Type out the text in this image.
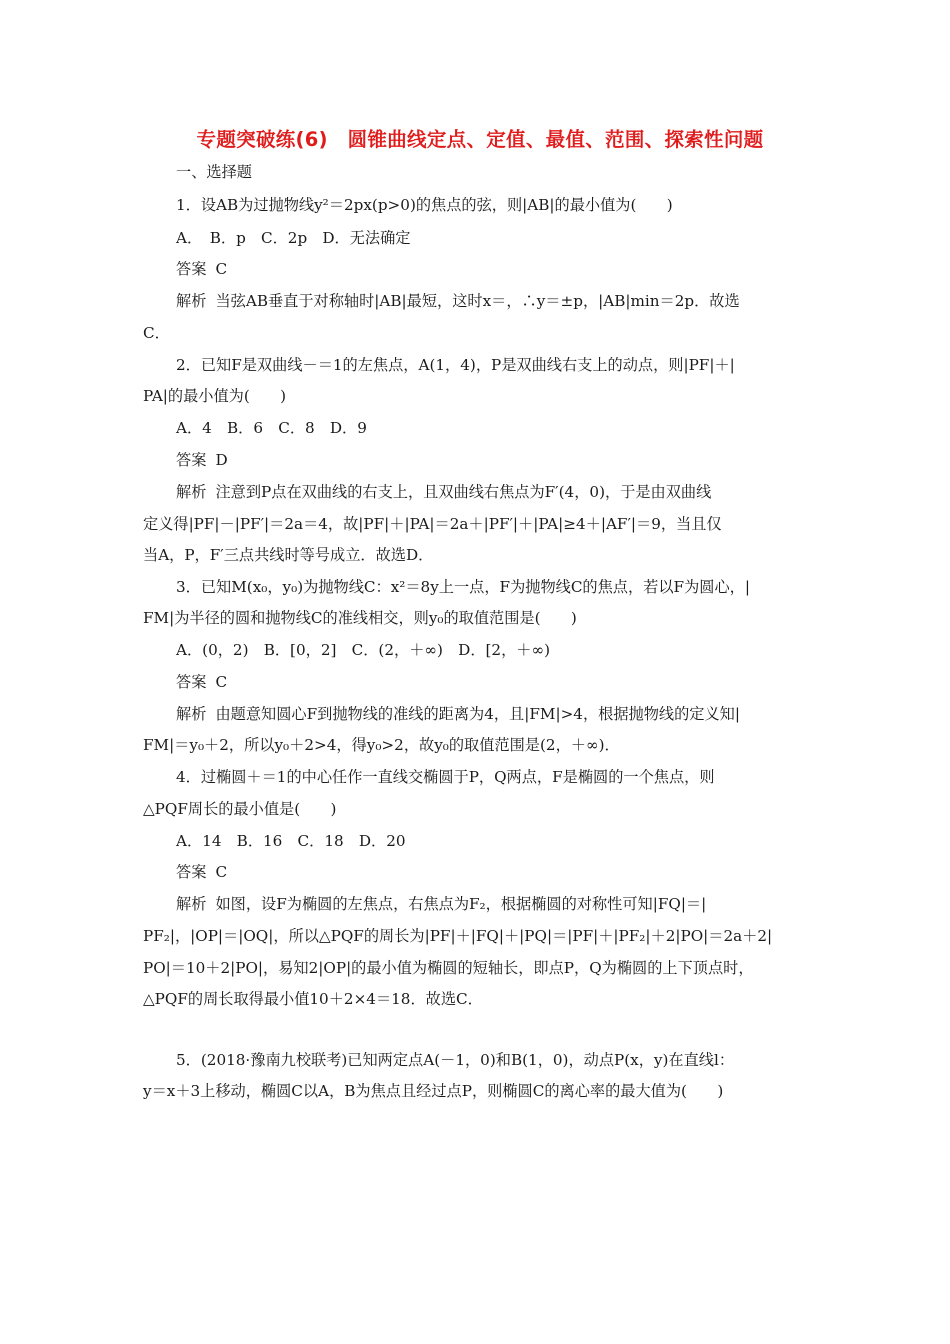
专题突破练(6)　圆锥曲线定点、定值、最值、范围、探索性问题
一、选择题
1．设AB为过抛物线y²＝2px(p>0)的焦点的弦，则|AB|的最小值为(　　)
A．　B．p　C．2p　D．无法确定
答案 C
解析 当弦AB垂直于对称轴时|AB|最短，这时x＝，∴y＝±p，|AB|min＝2p．故选
C．
2．已知F是双曲线－＝1的左焦点，A(1，4)，P是双曲线右支上的动点，则|PF|＋|
PA|的最小值为(　　)
A．4　B．6　C．8　D．9
答案 D
解析 注意到P点在双曲线的右支上，且双曲线右焦点为F′(4，0)，于是由双曲线
定义得|PF|－|PF′|＝2a＝4，故|PF|＋|PA|＝2a＋|PF′|＋|PA|≥4＋|AF′|＝9，当且仅
当A，P，F′三点共线时等号成立．故选D．
3．已知M(x₀，y₀)为抛物线C：x²＝8y上一点，F为抛物线C的焦点，若以F为圆心，|
FM|为半径的圆和抛物线C的准线相交，则y₀的取值范围是(　　)
A．(0，2)　B．[0，2]　C．(2，＋∞)　D．[2，＋∞)
答案 C
解析 由题意知圆心F到抛物线的准线的距离为4，且|FM|>4，根据抛物线的定义知|
FM|＝y₀＋2，所以y₀＋2>4，得y₀>2，故y₀的取值范围是(2，＋∞)．
4．过椭圆＋＝1的中心任作一直线交椭圆于P，Q两点，F是椭圆的一个焦点，则
△PQF周长的最小值是(　　)
A．14　B．16　C．18　D．20
答案 C
解析 如图，设F为椭圆的左焦点，右焦点为F₂，根据椭圆的对称性可知|FQ|＝|
PF₂|，|OP|＝|OQ|，所以△PQF的周长为|PF|＋|FQ|＋|PQ|＝|PF|＋|PF₂|＋2|PO|＝2a＋2|
PO|＝10＋2|PO|，易知2|OP|的最小值为椭圆的短轴长，即点P，Q为椭圆的上下顶点时，
△PQF的周长取得最小值10＋2×4＝18．故选C．
5．(2018·豫南九校联考)已知两定点A(－1，0)和B(1，0)，动点P(x，y)在直线l：
y＝x＋3上移动，椭圆C以A，B为焦点且经过点P，则椭圆C的离心率的最大值为(　　)
